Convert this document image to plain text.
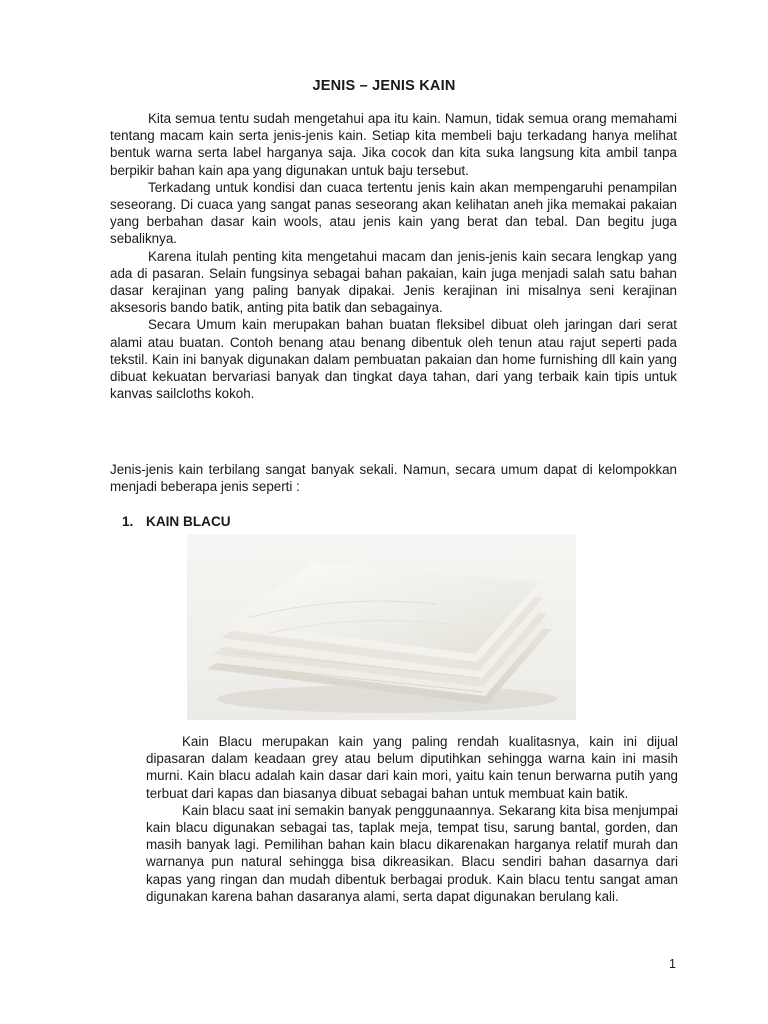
JENIS – JENIS KAIN

Kita semua tentu sudah mengetahui apa itu kain. Namun, tidak semua orang memahami tentang macam kain serta jenis-jenis kain. Setiap kita membeli baju terkadang hanya melihat bentuk warna serta label harganya saja. Jika cocok dan kita suka langsung kita ambil tanpa berpikir bahan kain apa yang digunakan untuk baju tersebut.

Terkadang untuk kondisi dan cuaca tertentu jenis kain akan mempengaruhi penampilan seseorang. Di cuaca yang sangat panas seseorang akan kelihatan aneh jika memakai pakaian yang berbahan dasar kain wools, atau jenis kain yang berat dan tebal. Dan begitu juga sebaliknya.

Karena itulah penting kita mengetahui macam dan jenis-jenis kain secara lengkap yang ada di pasaran. Selain fungsinya sebagai bahan pakaian, kain juga menjadi salah satu bahan dasar kerajinan yang paling banyak dipakai. Jenis kerajinan ini misalnya seni kerajinan aksesoris bando batik, anting pita batik dan sebagainya.

Secara Umum kain merupakan bahan buatan fleksibel dibuat oleh jaringan dari serat alami atau buatan. Contoh benang atau benang dibentuk oleh tenun atau rajut seperti pada tekstil. Kain ini banyak digunakan dalam pembuatan pakaian dan home furnishing dll kain yang dibuat kekuatan bervariasi banyak dan tingkat daya tahan, dari yang terbaik kain tipis untuk kanvas sailcloths kokoh.

Jenis-jenis kain terbilang sangat banyak sekali. Namun, secara umum dapat di kelompokkan menjadi beberapa jenis seperti :

1. KAIN BLACU

Kain Blacu merupakan kain yang paling rendah kualitasnya, kain ini dijual dipasaran dalam keadaan grey atau belum diputihkan sehingga warna kain ini masih murni. Kain blacu adalah kain dasar dari kain mori, yaitu kain tenun berwarna putih yang terbuat dari kapas dan biasanya dibuat sebagai bahan untuk membuat kain batik.

Kain blacu saat ini semakin banyak penggunaannya. Sekarang kita bisa menjumpai kain blacu digunakan sebagai tas, taplak meja, tempat tisu, sarung bantal, gorden, dan masih banyak lagi. Pemilihan bahan kain blacu dikarenakan harganya relatif murah dan warnanya pun natural sehingga bisa dikreasikan. Blacu sendiri bahan dasarnya dari kapas yang ringan dan mudah dibentuk berbagai produk. Kain blacu tentu sangat aman digunakan karena bahan dasaranya alami, serta dapat digunakan berulang kali.

1
